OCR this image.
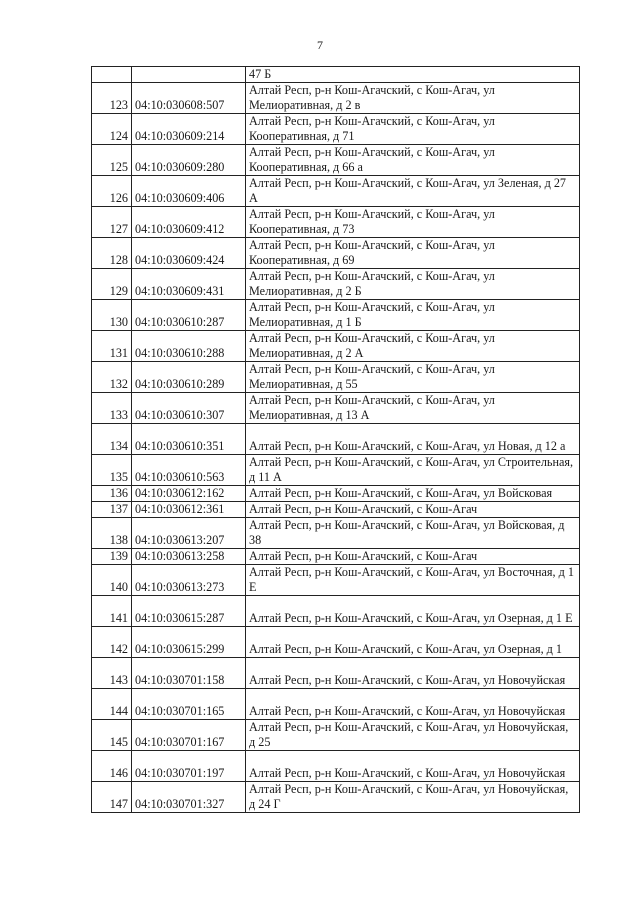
7
		47 Б
123	04:10:030608:507	Алтай Респ, р-н Кош-Агачский, с Кош-Агач, ул Мелиоративная, д 2 в
124	04:10:030609:214	Алтай Респ, р-н Кош-Агачский, с Кош-Агач, ул Кооперативная, д 71
125	04:10:030609:280	Алтай Респ, р-н Кош-Агачский, с Кош-Агач, ул Кооперативная, д 66 а
126	04:10:030609:406	Алтай Респ, р-н Кош-Агачский, с Кош-Агач, ул Зеленая, д 27 А
127	04:10:030609:412	Алтай Респ, р-н Кош-Агачский, с Кош-Агач, ул Кооперативная, д 73
128	04:10:030609:424	Алтай Респ, р-н Кош-Агачский, с Кош-Агач, ул Кооперативная, д 69
129	04:10:030609:431	Алтай Респ, р-н Кош-Агачский, с Кош-Агач, ул Мелиоративная, д 2 Б
130	04:10:030610:287	Алтай Респ, р-н Кош-Агачский, с Кош-Агач, ул Мелиоративная, д 1 Б
131	04:10:030610:288	Алтай Респ, р-н Кош-Агачский, с Кош-Агач, ул Мелиоративная, д 2 А
132	04:10:030610:289	Алтай Респ, р-н Кош-Агачский, с Кош-Агач, ул Мелиоративная, д 55
133	04:10:030610:307	Алтай Респ, р-н Кош-Агачский, с Кош-Агач, ул Мелиоративная, д 13 А
134	04:10:030610:351	Алтай Респ, р-н Кош-Агачский, с Кош-Агач, ул Новая, д 12 а
135	04:10:030610:563	Алтай Респ, р-н Кош-Агачский, с Кош-Агач, ул Строительная, д 11 А
136	04:10:030612:162	Алтай Респ, р-н Кош-Агачский, с Кош-Агач, ул Войсковая
137	04:10:030612:361	Алтай Респ, р-н Кош-Агачский, с Кош-Агач
138	04:10:030613:207	Алтай Респ, р-н Кош-Агачский, с Кош-Агач, ул Войсковая, д 38
139	04:10:030613:258	Алтай Респ, р-н Кош-Агачский, с Кош-Агач
140	04:10:030613:273	Алтай Респ, р-н Кош-Агачский, с Кош-Агач, ул Восточная, д 1 Е
141	04:10:030615:287	Алтай Респ, р-н Кош-Агачский, с Кош-Агач, ул Озерная, д 1 Е
142	04:10:030615:299	Алтай Респ, р-н Кош-Агачский, с Кош-Агач, ул Озерная, д 1
143	04:10:030701:158	Алтай Респ, р-н Кош-Агачский, с Кош-Агач, ул Новочуйская
144	04:10:030701:165	Алтай Респ, р-н Кош-Агачский, с Кош-Агач, ул Новочуйская
145	04:10:030701:167	Алтай Респ, р-н Кош-Агачский, с Кош-Агач, ул Новочуйская, д 25
146	04:10:030701:197	Алтай Респ, р-н Кош-Агачский, с Кош-Агач, ул Новочуйская
147	04:10:030701:327	Алтай Респ, р-н Кош-Агачский, с Кош-Агач, ул Новочуйская, д 24 Г
